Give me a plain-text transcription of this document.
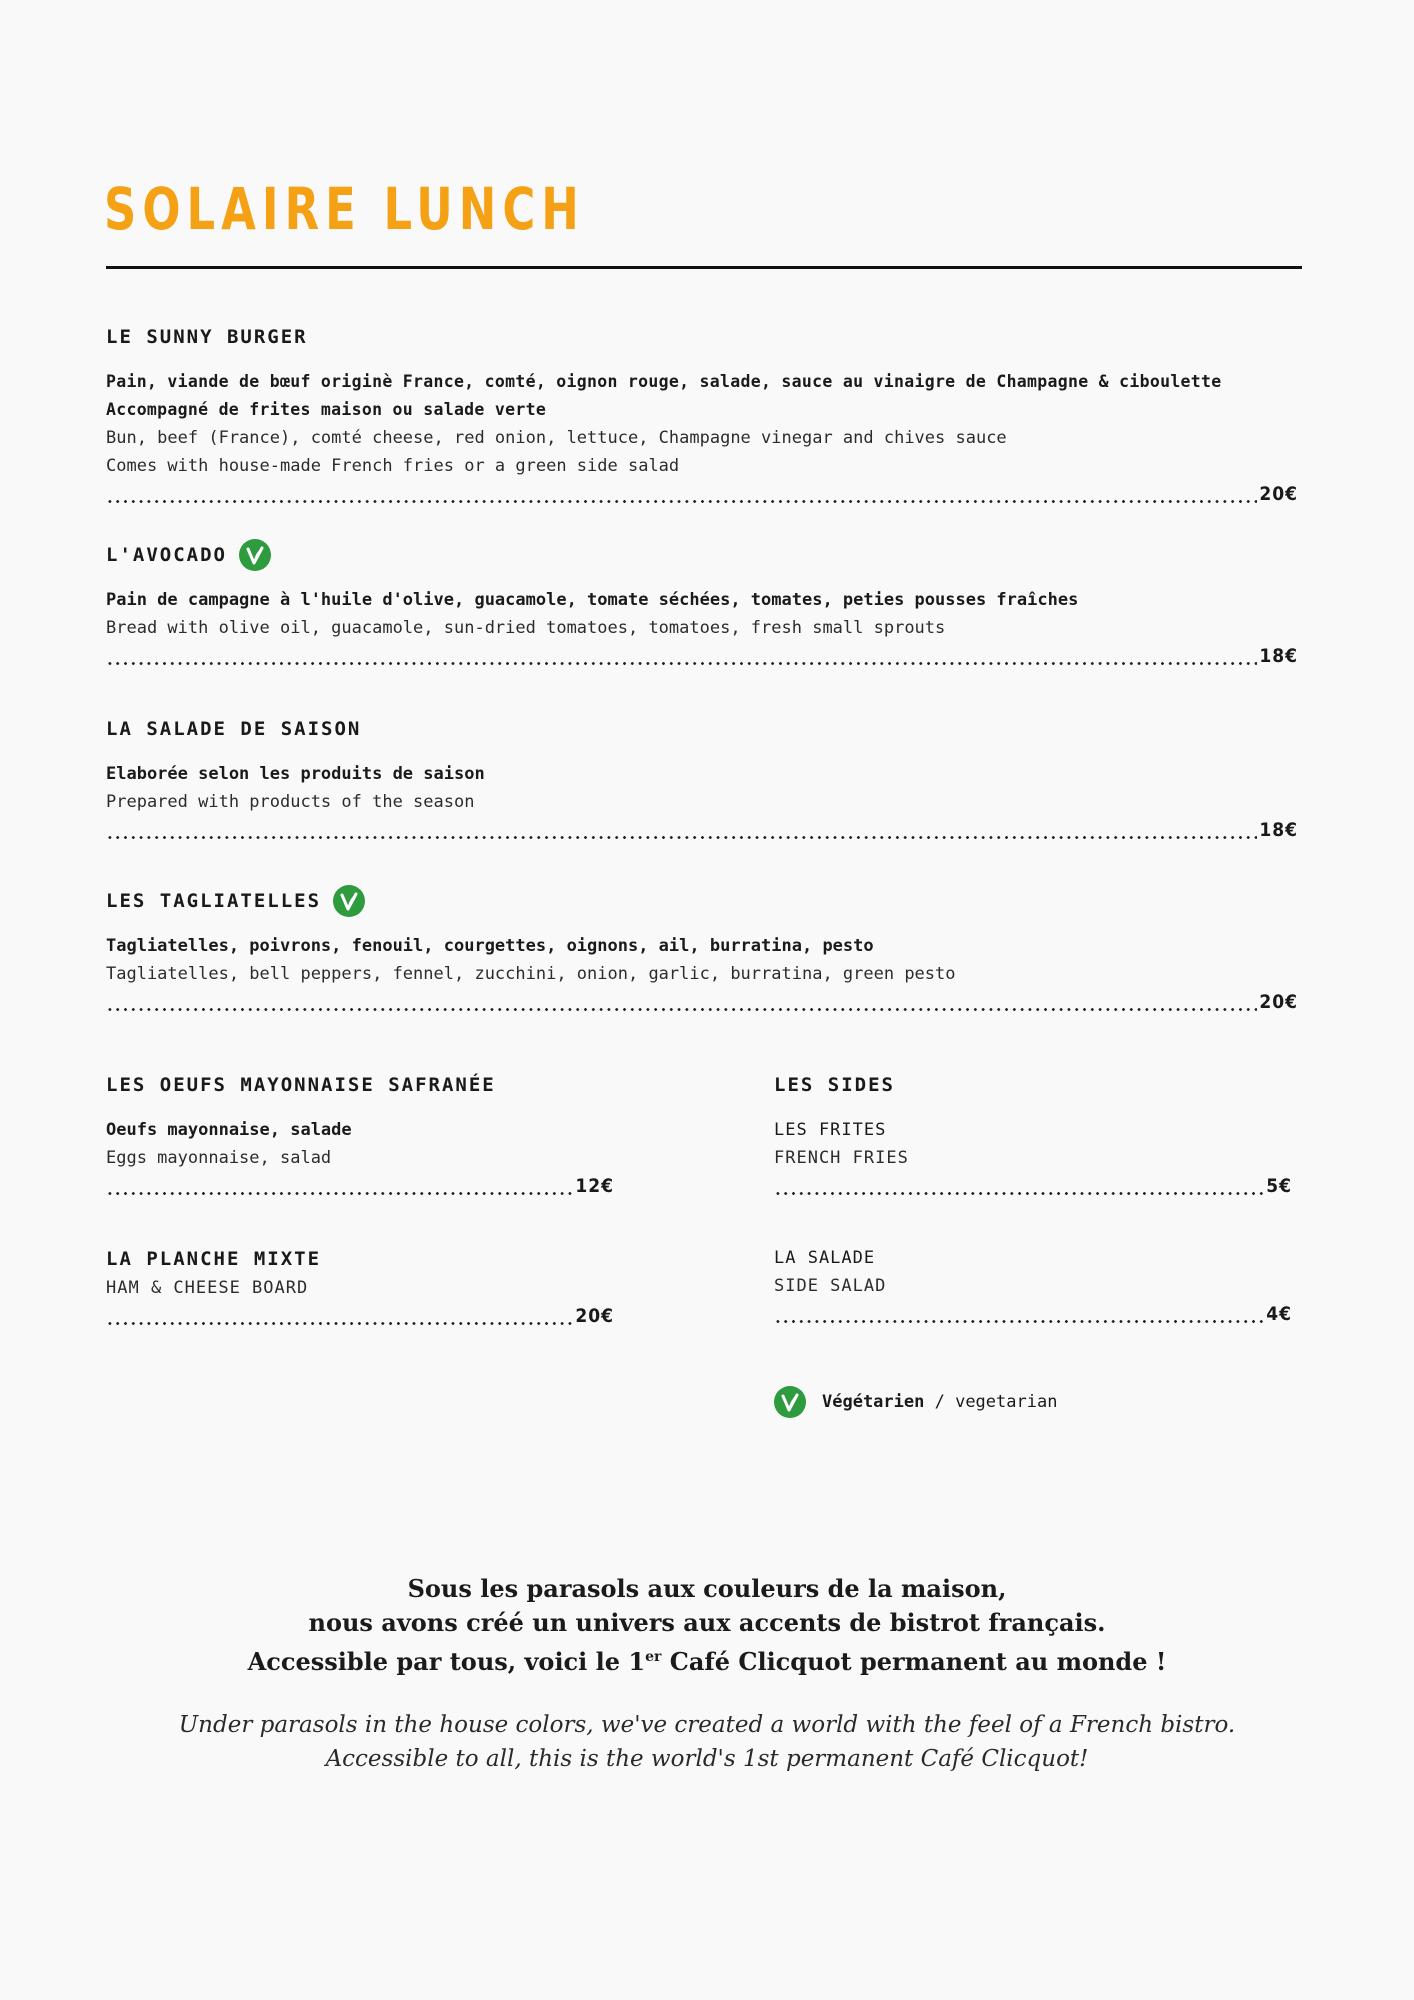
SOLAIRE LUNCH
LE SUNNY BURGER
Pain, viande de bœuf originè France, comté, oignon rouge, salade, sauce au vinaigre de Champagne & ciboulette
Accompagné de frites maison ou salade verte
Bun, beef (France), comté cheese, red onion, lettuce, Champagne vinegar and chives sauce
Comes with house-made French fries or a green side salad
20€
L'AVOCADO
Pain de campagne à l'huile d'olive, guacamole, tomate séchées, tomates, peties pousses fraîches
Bread with olive oil, guacamole, sun-dried tomatoes, tomatoes, fresh small sprouts
18€
LA SALADE DE SAISON
Elaborée selon les produits de saison
Prepared with products of the season
18€
LES TAGLIATELLES
Tagliatelles, poivrons, fenouil, courgettes, oignons, ail, burratina, pesto
Tagliatelles, bell peppers, fennel, zucchini, onion, garlic, burratina, green pesto
20€
LES OEUFS MAYONNAISE SAFRANÉE
Oeufs mayonnaise, salade
Eggs mayonnaise, salad
12€
LA PLANCHE MIXTE
HAM & CHEESE BOARD
20€
LES SIDES
LES FRITES
FRENCH FRIES
5€
LA SALADE
SIDE SALAD
4€
Végétarien / vegetarian
Sous les parasols aux couleurs de la maison,
nous avons créé un univers aux accents de bistrot français.
Accessible par tous, voici le 1er Café Clicquot permanent au monde !
Under parasols in the house colors, we've created a world with the feel of a French bistro.
Accessible to all, this is the world's 1st permanent Café Clicquot!
